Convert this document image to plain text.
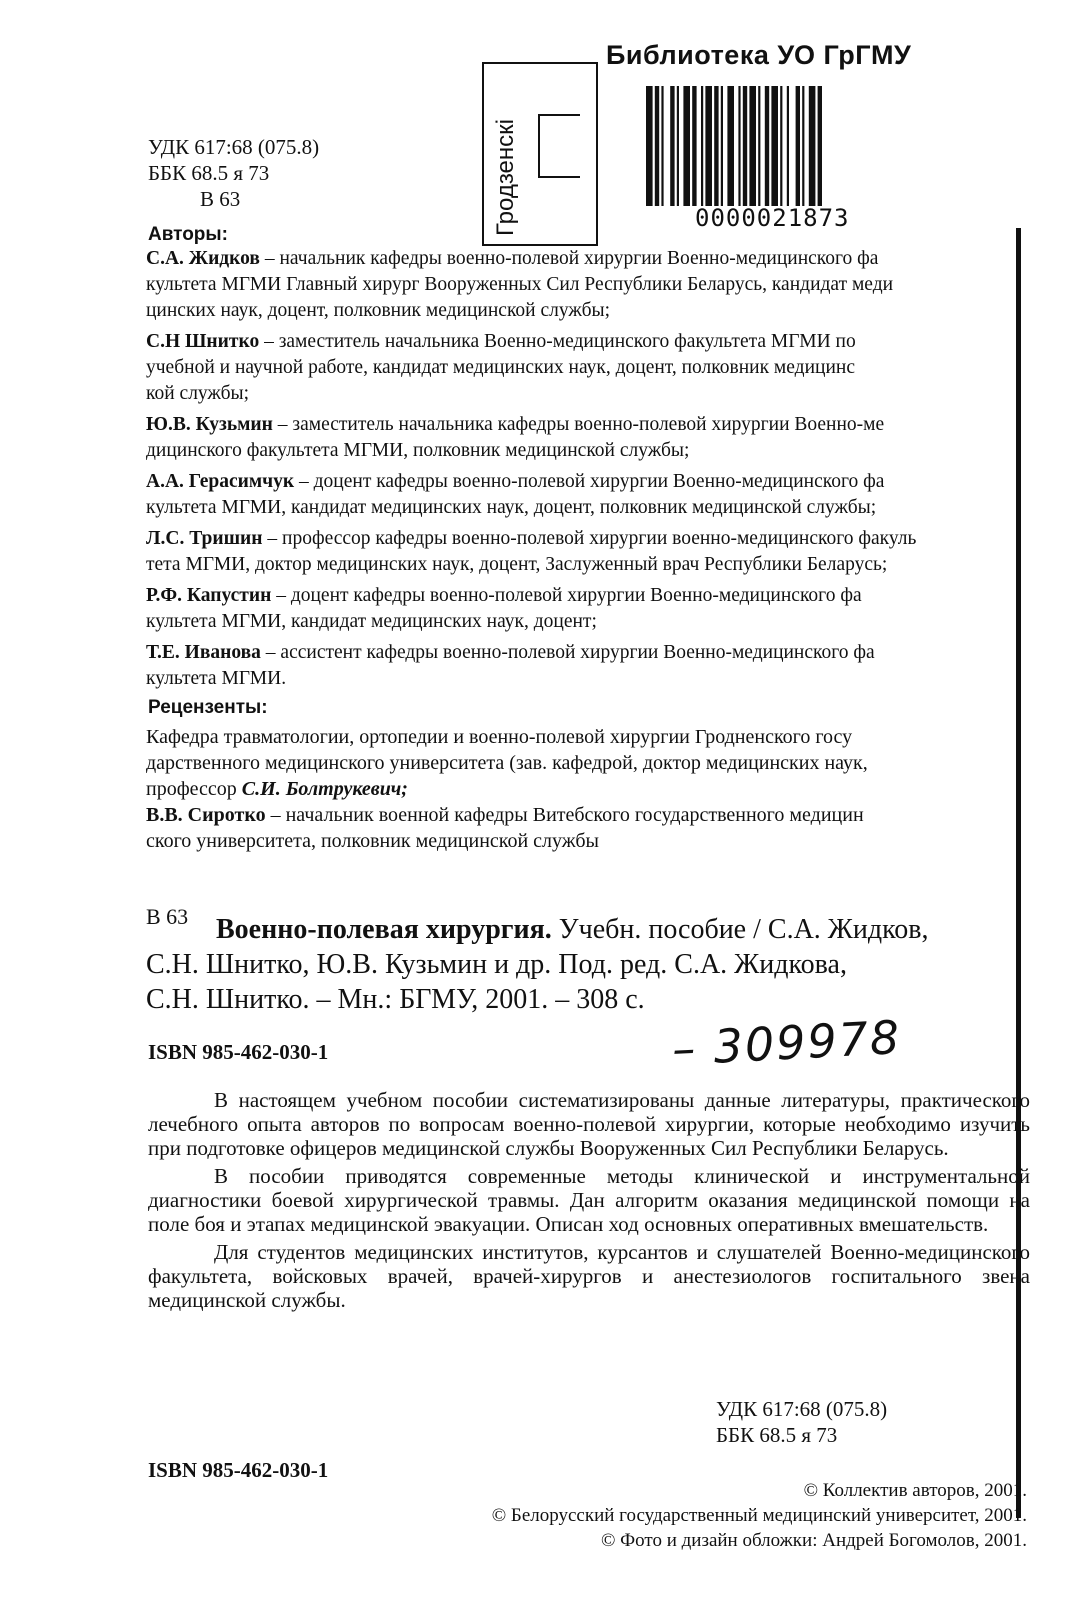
УДК 617:68 (075.8)
ББК 68.5 я 73
В 63	Гродзенскі
Библиотека УО ГрГМУ
0000021873
Авторы:

С.А. Жидков – начальник кафедры военно-полевой хирургии Военно-медицинского фа
культета МГМИ Главный хирург Вооруженных Сил Республики Беларусь, кандидат меди
цинских наук, доцент, полковник медицинской службы;

С.Н Шнитко – заместитель начальника Военно-медицинского факультета МГМИ по
учебной и научной работе, кандидат медицинских наук, доцент, полковник медицинс
кой службы;

Ю.В. Кузьмин – заместитель начальника кафедры военно-полевой хирургии Военно-ме
дицинского факультета МГМИ, полковник медицинской службы;

А.А. Герасимчук – доцент кафедры военно-полевой хирургии Военно-медицинского фа
культета МГМИ, кандидат медицинских наук, доцент, полковник медицинской службы;

Л.С. Тришин – профессор кафедры военно-полевой хирургии военно-медицинского факуль
тета МГМИ, доктор медицинских наук, доцент, Заслуженный врач Республики Беларусь;

Р.Ф. Капустин – доцент кафедры военно-полевой хирургии Военно-медицинского фа
культета МГМИ, кандидат медицинских наук, доцент;

Т.Е. Иванова – ассистент кафедры военно-полевой хирургии Военно-медицинского фа
культета МГМИ.

Рецензенты:

Кафедра травматологии, ортопедии и военно-полевой хирургии Гродненского госу

дарственного медицинского университета (зав. кафедрой, доктор медицинских наук,

профессор С.И. Болтрукевич;

В.В. Сиротко – начальник военной кафедры Витебского государственного медицин

ского университета, полковник медицинской службы

В 63 Военно-полевая хирургия. Учебн. пособие / С.А. Жидков,
С.Н. Шнитко, Ю.В. Кузьмин и др. Под. ред. С.А. Жидкова,
С.Н. Шнитко. – Мн.: БГМУ, 2001. – 308 с.
ISBN 985-462-030-1	– 309978

В настоящем учебном пособии систематизированы данные литературы, практического лечебного опыта авторов по вопросам военно-полевой хирургии, которые необходимо изучить при подготовке офицеров медицинской службы Вооруженных Сил Республики Беларусь.

В пособии приводятся современные методы клинической и инструментальной диагностики боевой хирургической травмы. Дан алгоритм оказания медицинской помощи на поле боя и этапах медицинской эвакуации. Описан ход основных оперативных вмешательств.

Для студентов медицинских институтов, курсантов и слушателей Военно-медицинского факультета, войсковых врачей, врачей-хирургов и анестезиологов госпитального звена медицинской службы.

УДК 617:68 (075.8)
ББК 68.5 я 73
ISBN 985-462-030-1
© Коллектив авторов, 2001.
© Белорусский государственный медицинский университет, 2001.
© Фото и дизайн обложки: Андрей Богомолов, 2001.
